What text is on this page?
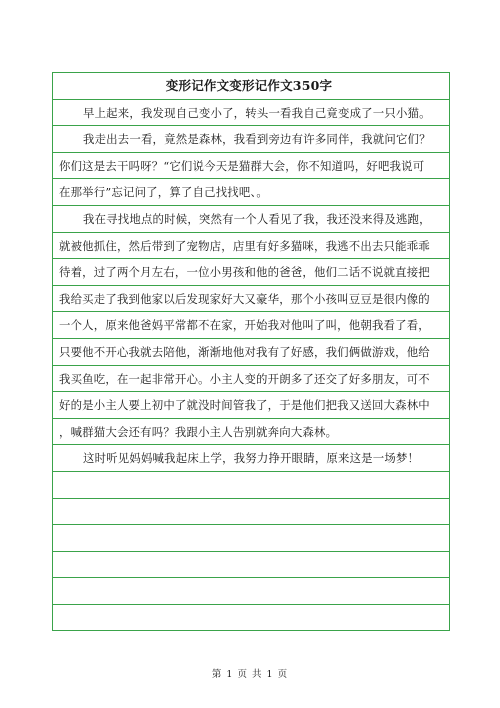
变形记作文变形记作文350字
早上起来，我发现自己变小了，转头一看我自己竟变成了一只小猫。
我走出去一看，竟然是森林，我看到旁边有许多同伴，我就问它们？
你们这是去干吗呀？“它们说今天是猫群大会，你不知道吗，好吧我说可
在那举行”忘记问了，算了自己找找吧、。
我在寻找地点的时候，突然有一个人看见了我，我还没来得及逃跑，
就被他抓住，然后带到了宠物店，店里有好多猫咪，我逃不出去只能乖乖
待着，过了两个月左右，一位小男孩和他的爸爸，他们二话不说就直接把
我给买走了我到他家以后发现家好大又豪华，那个小孩叫豆豆是很内像的
一个人，原来他爸妈平常都不在家，开始我对他叫了叫，他朝我看了看，
只要他不开心我就去陪他，渐渐地他对我有了好感，我们俩做游戏，他给
我买鱼吃，在一起非常开心。小主人变的开朗多了还交了好多朋友，可不
好的是小主人要上初中了就没时间管我了，于是他们把我又送回大森林中
，喊群猫大会还有吗？我跟小主人告别就奔向大森林。
这时听见妈妈喊我起床上学，我努力挣开眼睛，原来这是一场梦！
第 1 页 共 1 页
